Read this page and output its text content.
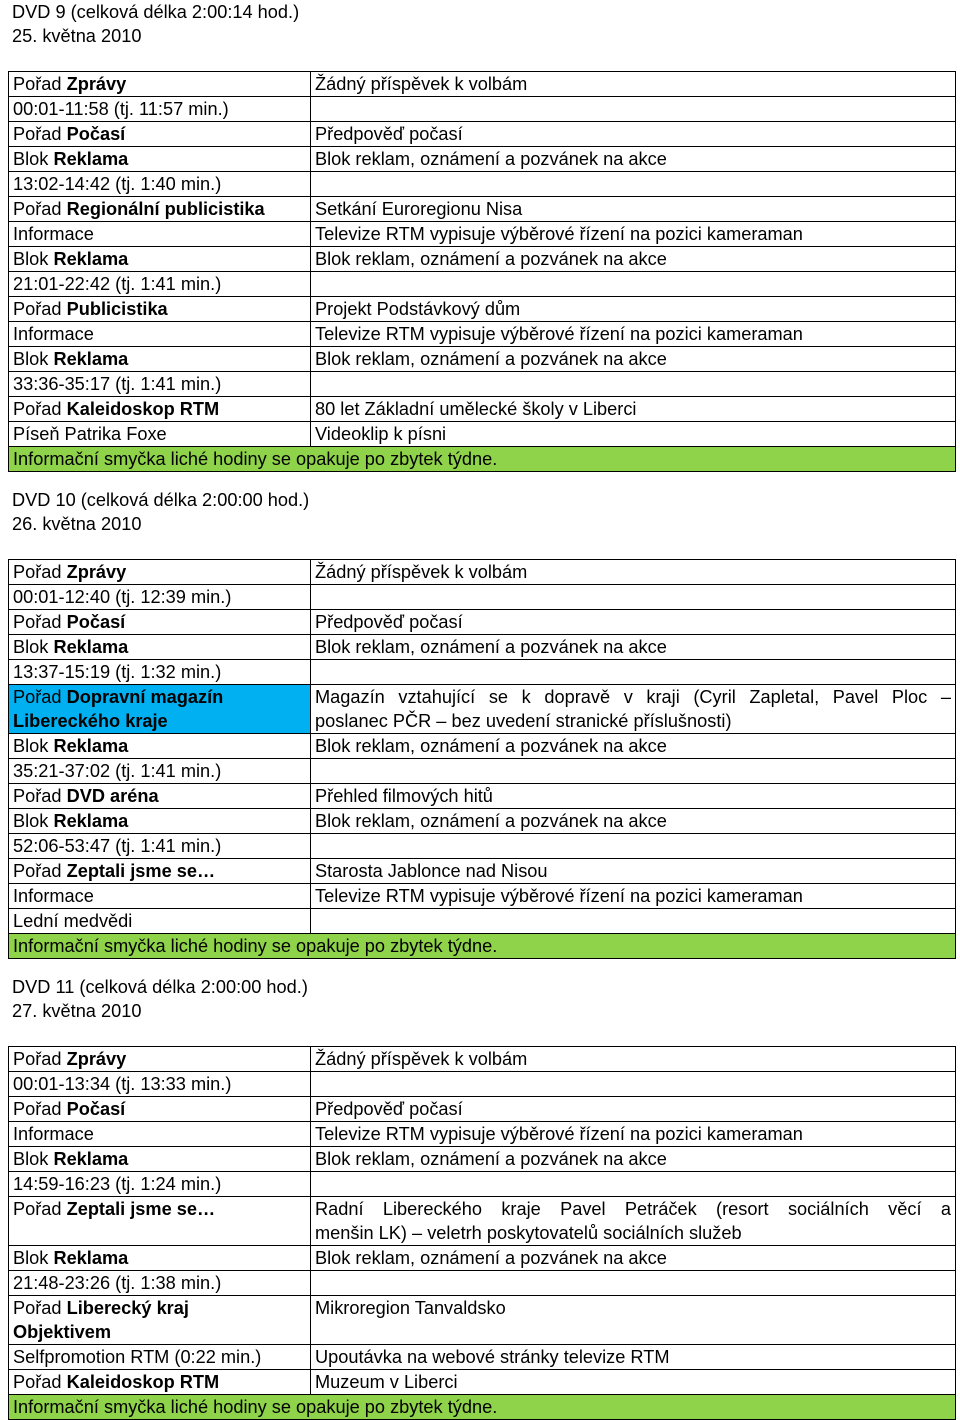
DVD 9 (celková délka 2:00:14 hod.)
25. května 2010
Pořad Zprávy	Žádný příspěvek k volbám
00:01-11:58 (tj. 11:57 min.)	
Pořad Počasí	Předpověď počasí
Blok Reklama	Blok reklam, oznámení a pozvánek na akce
13:02-14:42 (tj. 1:40 min.)	
Pořad Regionální publicistika	Setkání Euroregionu Nisa
Informace	Televize RTM vypisuje výběrové řízení na pozici kameraman
Blok Reklama	Blok reklam, oznámení a pozvánek na akce
21:01-22:42 (tj. 1:41 min.)	
Pořad Publicistika	Projekt Podstávkový dům
Informace	Televize RTM vypisuje výběrové řízení na pozici kameraman
Blok Reklama	Blok reklam, oznámení a pozvánek na akce
33:36-35:17 (tj. 1:41 min.)	
Pořad Kaleidoskop RTM	80 let Základní umělecké školy v Liberci
Píseň Patrika Foxe	Videoklip k písni
Informační smyčka liché hodiny se opakuje po zbytek týdne.	
DVD 10 (celková délka 2:00:00 hod.)
26. května 2010
Pořad Zprávy	Žádný příspěvek k volbám
00:01-12:40 (tj. 12:39 min.)	
Pořad Počasí	Předpověď počasí
Blok Reklama	Blok reklam, oznámení a pozvánek na akce
13:37-15:19 (tj. 1:32 min.)	
Pořad Dopravní magazín Libereckého kraje	Magazín vztahující se k dopravě v kraji (Cyril Zapletal, Pavel Ploc –
poslanec PČR – bez uvedení stranické příslušnosti)

Blok Reklama	Blok reklam, oznámení a pozvánek na akce
35:21-37:02 (tj. 1:41 min.)	
Pořad DVD aréna	Přehled filmových hitů
Blok Reklama	Blok reklam, oznámení a pozvánek na akce
52:06-53:47 (tj. 1:41 min.)	
Pořad Zeptali jsme se…	Starosta Jablonce nad Nisou
Informace	Televize RTM vypisuje výběrové řízení na pozici kameraman
Lední medvědi	
Informační smyčka liché hodiny se opakuje po zbytek týdne.	
DVD 11 (celková délka 2:00:00 hod.)
27. května 2010
Pořad Zprávy	Žádný příspěvek k volbám
00:01-13:34 (tj. 13:33 min.)	
Pořad Počasí	Předpověď počasí
Informace	Televize RTM vypisuje výběrové řízení na pozici kameraman
Blok Reklama	Blok reklam, oznámení a pozvánek na akce
14:59-16:23 (tj. 1:24 min.)	
Pořad Zeptali jsme se…	Radní Libereckého kraje Pavel Petráček (resort sociálních věcí a
menšin LK) – veletrh poskytovatelů sociálních služeb

Blok Reklama	Blok reklam, oznámení a pozvánek na akce
21:48-23:26 (tj. 1:38 min.)	
Pořad Liberecký kraj
Objektivem	Mikroregion Tanvaldsko
Selfpromotion RTM (0:22 min.)	Upoutávka na webové stránky televize RTM
Pořad Kaleidoskop RTM	Muzeum v Liberci
Informační smyčka liché hodiny se opakuje po zbytek týdne.	
